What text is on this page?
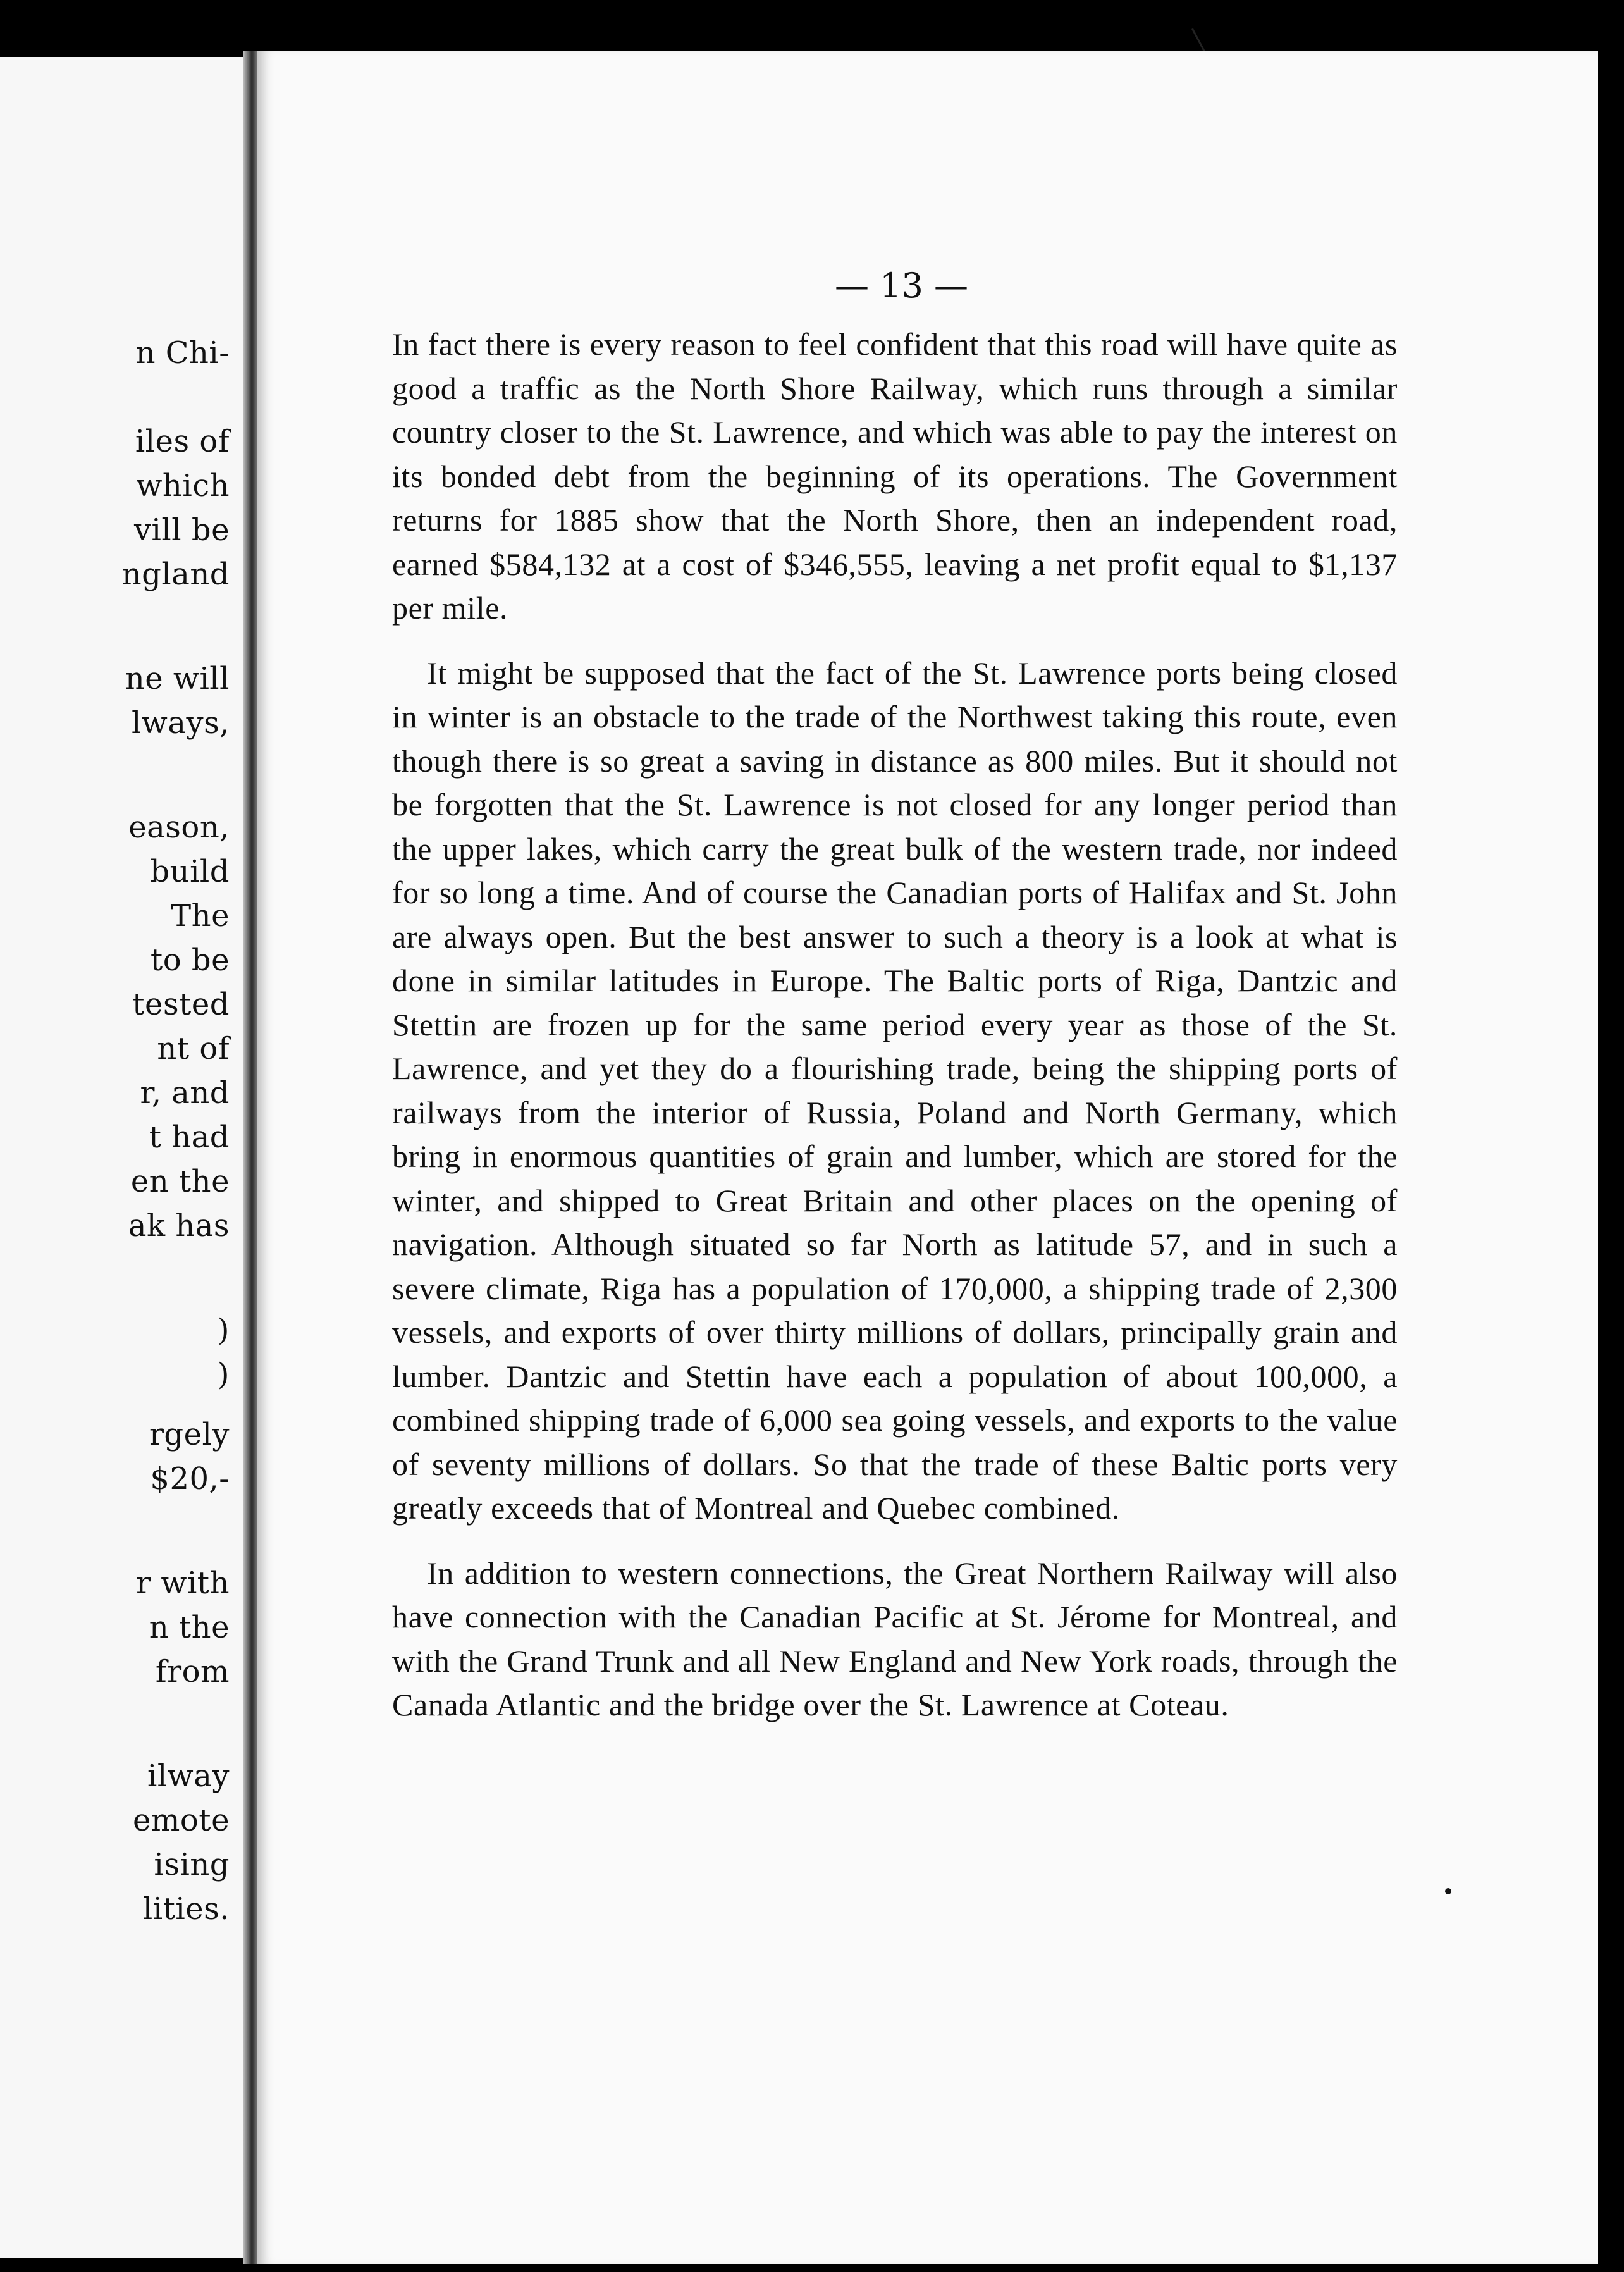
n Chi-
iles of
which
vill be
ngland
ne will
lways,
eason,
build
The
to be
tested
nt of
r, and
t had
en the
ak has
)
)
rgely
$20,-
r with
n the
from
ilway
emote
ising
lities.
— 13 —

In fact there is every reason to feel confident that this road will have quite as good a traffic as the North Shore Railway, which runs through a similar country closer to the St. Lawrence, and which was able to pay the interest on its bonded debt from the beginning of its operations. The Government returns for 1885 show that the North Shore, then an independent road, earned $584,132 at a cost of $346,555, leaving a net profit equal to $1,137 per mile.

It might be supposed that the fact of the St. Lawrence ports being closed in winter is an obstacle to the trade of the Northwest taking this route, even though there is so great a saving in distance as 800 miles. But it should not be forgotten that the St. Lawrence is not closed for any longer period than the upper lakes, which carry the great bulk of the western trade, nor indeed for so long a time. And of course the Canadian ports of Halifax and St. John are always open. But the best answer to such a theory is a look at what is done in similar latitudes in Europe. The Baltic ports of Riga, Dantzic and Stettin are frozen up for the same period every year as those of the St. Lawrence, and yet they do a flourishing trade, being the shipping ports of railways from the interior of Russia, Poland and North Germany, which bring in enormous quantities of grain and lumber, which are stored for the winter, and shipped to Great Britain and other places on the opening of navigation. Although situated so far North as latitude 57, and in such a severe climate, Riga has a population of 170,000, a shipping trade of 2,300 vessels, and exports of over thirty millions of dollars, principally grain and lumber. Dantzic and Stettin have each a population of about 100,000, a combined shipping trade of 6,000 sea going vessels, and exports to the value of seventy millions of dollars. So that the trade of these Baltic ports very greatly exceeds that of Montreal and Quebec combined.

In addition to western connections, the Great Northern Railway will also have connection with the Canadian Pacific at St. Jérome for Montreal, and with the Grand Trunk and all New England and New York roads, through the Canada Atlantic and the bridge over the St. Lawrence at Coteau.
